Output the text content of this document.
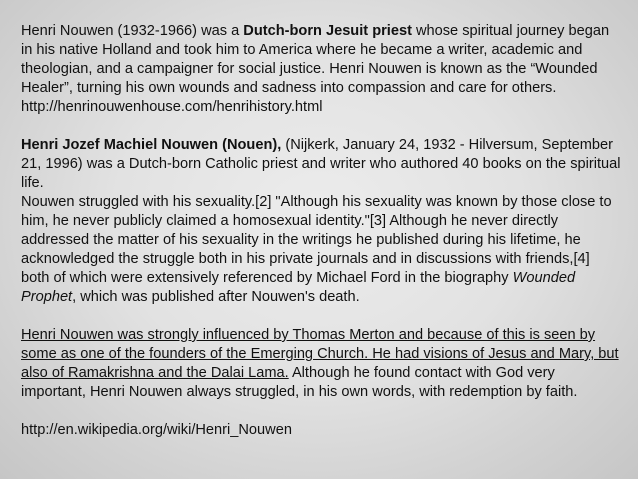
Henri Nouwen (1932-1966) was a Dutch-born Jesuit priest whose spiritual journey began in his native Holland and took him to America where he became a writer, academic and theologian, and a campaigner for social justice. Henri Nouwen is known as the “Wounded Healer”, turning his own wounds and sadness into compassion and care for others.
http://henrinouwenhouse.com/henrihistory.html
Henri Jozef Machiel Nouwen (Nouen), (Nijkerk, January 24, 1932 - Hilversum, September 21, 1996) was a Dutch-born Catholic priest and writer who authored 40 books on the spiritual life.
Nouwen struggled with his sexuality.[2] "Although his sexuality was known by those close to him, he never publicly claimed a homosexual identity."[3] Although he never directly addressed the matter of his sexuality in the writings he published during his lifetime, he acknowledged the struggle both in his private journals and in discussions with friends,[4] both of which were extensively referenced by Michael Ford in the biography Wounded Prophet, which was published after Nouwen's death.
Henri Nouwen was strongly influenced by Thomas Merton and because of this is seen by some as one of the founders of the Emerging Church. He had visions of Jesus and Mary, but also of Ramakrishna and the Dalai Lama. Although he found contact with God very important, Henri Nouwen always struggled, in his own words, with redemption by faith.
http://en.wikipedia.org/wiki/Henri_Nouwen
